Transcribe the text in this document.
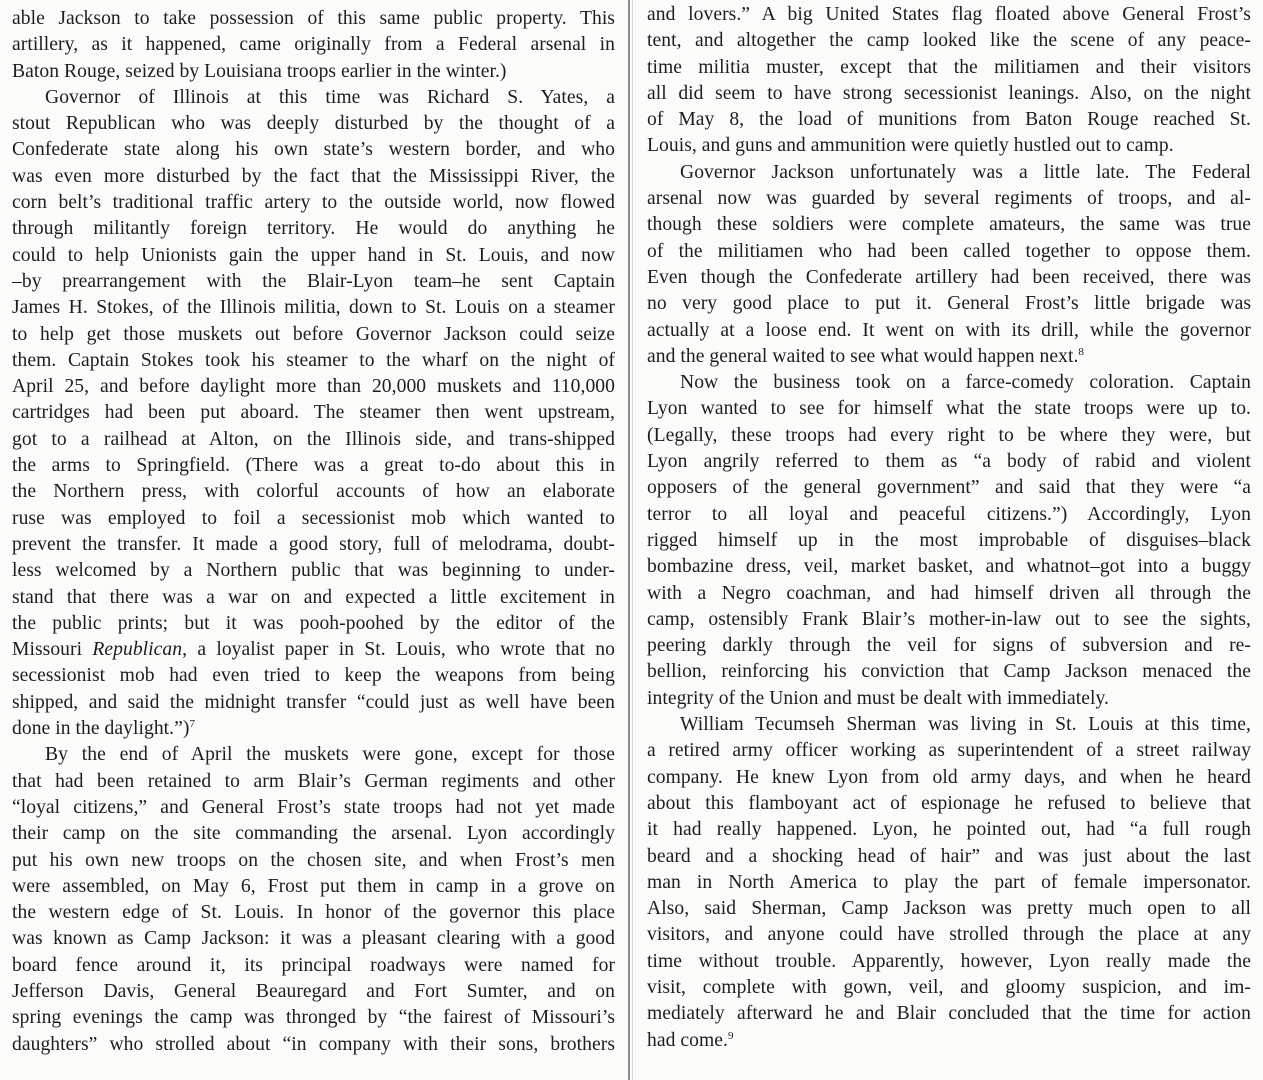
able Jackson to take possession of this same public property. This
artillery, as it happened, came originally from a Federal arsenal in
Baton Rouge, seized by Louisiana troops earlier in the winter.)
Governor of Illinois at this time was Richard S. Yates, a
stout Republican who was deeply disturbed by the thought of a
Confederate state along his own state’s western border, and who
was even more disturbed by the fact that the Mississippi River, the
corn belt’s traditional traffic artery to the outside world, now flowed
through militantly foreign territory. He would do anything he
could to help Unionists gain the upper hand in St. Louis, and now
–by prearrangement with the Blair-Lyon team–he sent Captain
James H. Stokes, of the Illinois militia, down to St. Louis on a steamer
to help get those muskets out before Governor Jackson could seize
them. Captain Stokes took his steamer to the wharf on the night of
April 25, and before daylight more than 20,000 muskets and 110,000
cartridges had been put aboard. The steamer then went upstream,
got to a railhead at Alton, on the Illinois side, and trans-shipped
the arms to Springfield. (There was a great to-do about this in
the Northern press, with colorful accounts of how an elaborate
ruse was employed to foil a secessionist mob which wanted to
prevent the transfer. It made a good story, full of melodrama, doubt-
less welcomed by a Northern public that was beginning to under-
stand that there was a war on and expected a little excitement in
the public prints; but it was pooh-poohed by the editor of the
Missouri Republican, a loyalist paper in St. Louis, who wrote that no
secessionist mob had even tried to keep the weapons from being
shipped, and said the midnight transfer “could just as well have been
done in the daylight.”)$^7$
By the end of April the muskets were gone, except for those
that had been retained to arm Blair’s German regiments and other
“loyal citizens,” and General Frost’s state troops had not yet made
their camp on the site commanding the arsenal. Lyon accordingly
put his own new troops on the chosen site, and when Frost’s men
were assembled, on May 6, Frost put them in camp in a grove on
the western edge of St. Louis. In honor of the governor this place
was known as Camp Jackson: it was a pleasant clearing with a good
board fence around it, its principal roadways were named for
Jefferson Davis, General Beauregard and Fort Sumter, and on
spring evenings the camp was thronged by “the fairest of Missouri’s
daughters” who strolled about “in company with their sons, brothers
and lovers.” A big United States flag floated above General Frost’s
tent, and altogether the camp looked like the scene of any peace-
time militia muster, except that the militiamen and their visitors
all did seem to have strong secessionist leanings. Also, on the night
of May 8, the load of munitions from Baton Rouge reached St.
Louis, and guns and ammunition were quietly hustled out to camp.
Governor Jackson unfortunately was a little late. The Federal
arsenal now was guarded by several regiments of troops, and al-
though these soldiers were complete amateurs, the same was true
of the militiamen who had been called together to oppose them.
Even though the Confederate artillery had been received, there was
no very good place to put it. General Frost’s little brigade was
actually at a loose end. It went on with its drill, while the governor
and the general waited to see what would happen next.$^8$
Now the business took on a farce-comedy coloration. Captain
Lyon wanted to see for himself what the state troops were up to.
(Legally, these troops had every right to be where they were, but
Lyon angrily referred to them as “a body of rabid and violent
opposers of the general government” and said that they were “a
terror to all loyal and peaceful citizens.”) Accordingly, Lyon
rigged himself up in the most improbable of disguises–black
bombazine dress, veil, market basket, and whatnot–got into a buggy
with a Negro coachman, and had himself driven all through the
camp, ostensibly Frank Blair’s mother-in-law out to see the sights,
peering darkly through the veil for signs of subversion and re-
bellion, reinforcing his conviction that Camp Jackson menaced the
integrity of the Union and must be dealt with immediately.
William Tecumseh Sherman was living in St. Louis at this time,
a retired army officer working as superintendent of a street railway
company. He knew Lyon from old army days, and when he heard
about this flamboyant act of espionage he refused to believe that
it had really happened. Lyon, he pointed out, had “a full rough
beard and a shocking head of hair” and was just about the last
man in North America to play the part of female impersonator.
Also, said Sherman, Camp Jackson was pretty much open to all
visitors, and anyone could have strolled through the place at any
time without trouble. Apparently, however, Lyon really made the
visit, complete with gown, veil, and gloomy suspicion, and im-
mediately afterward he and Blair concluded that the time for action
had come.$^9$
